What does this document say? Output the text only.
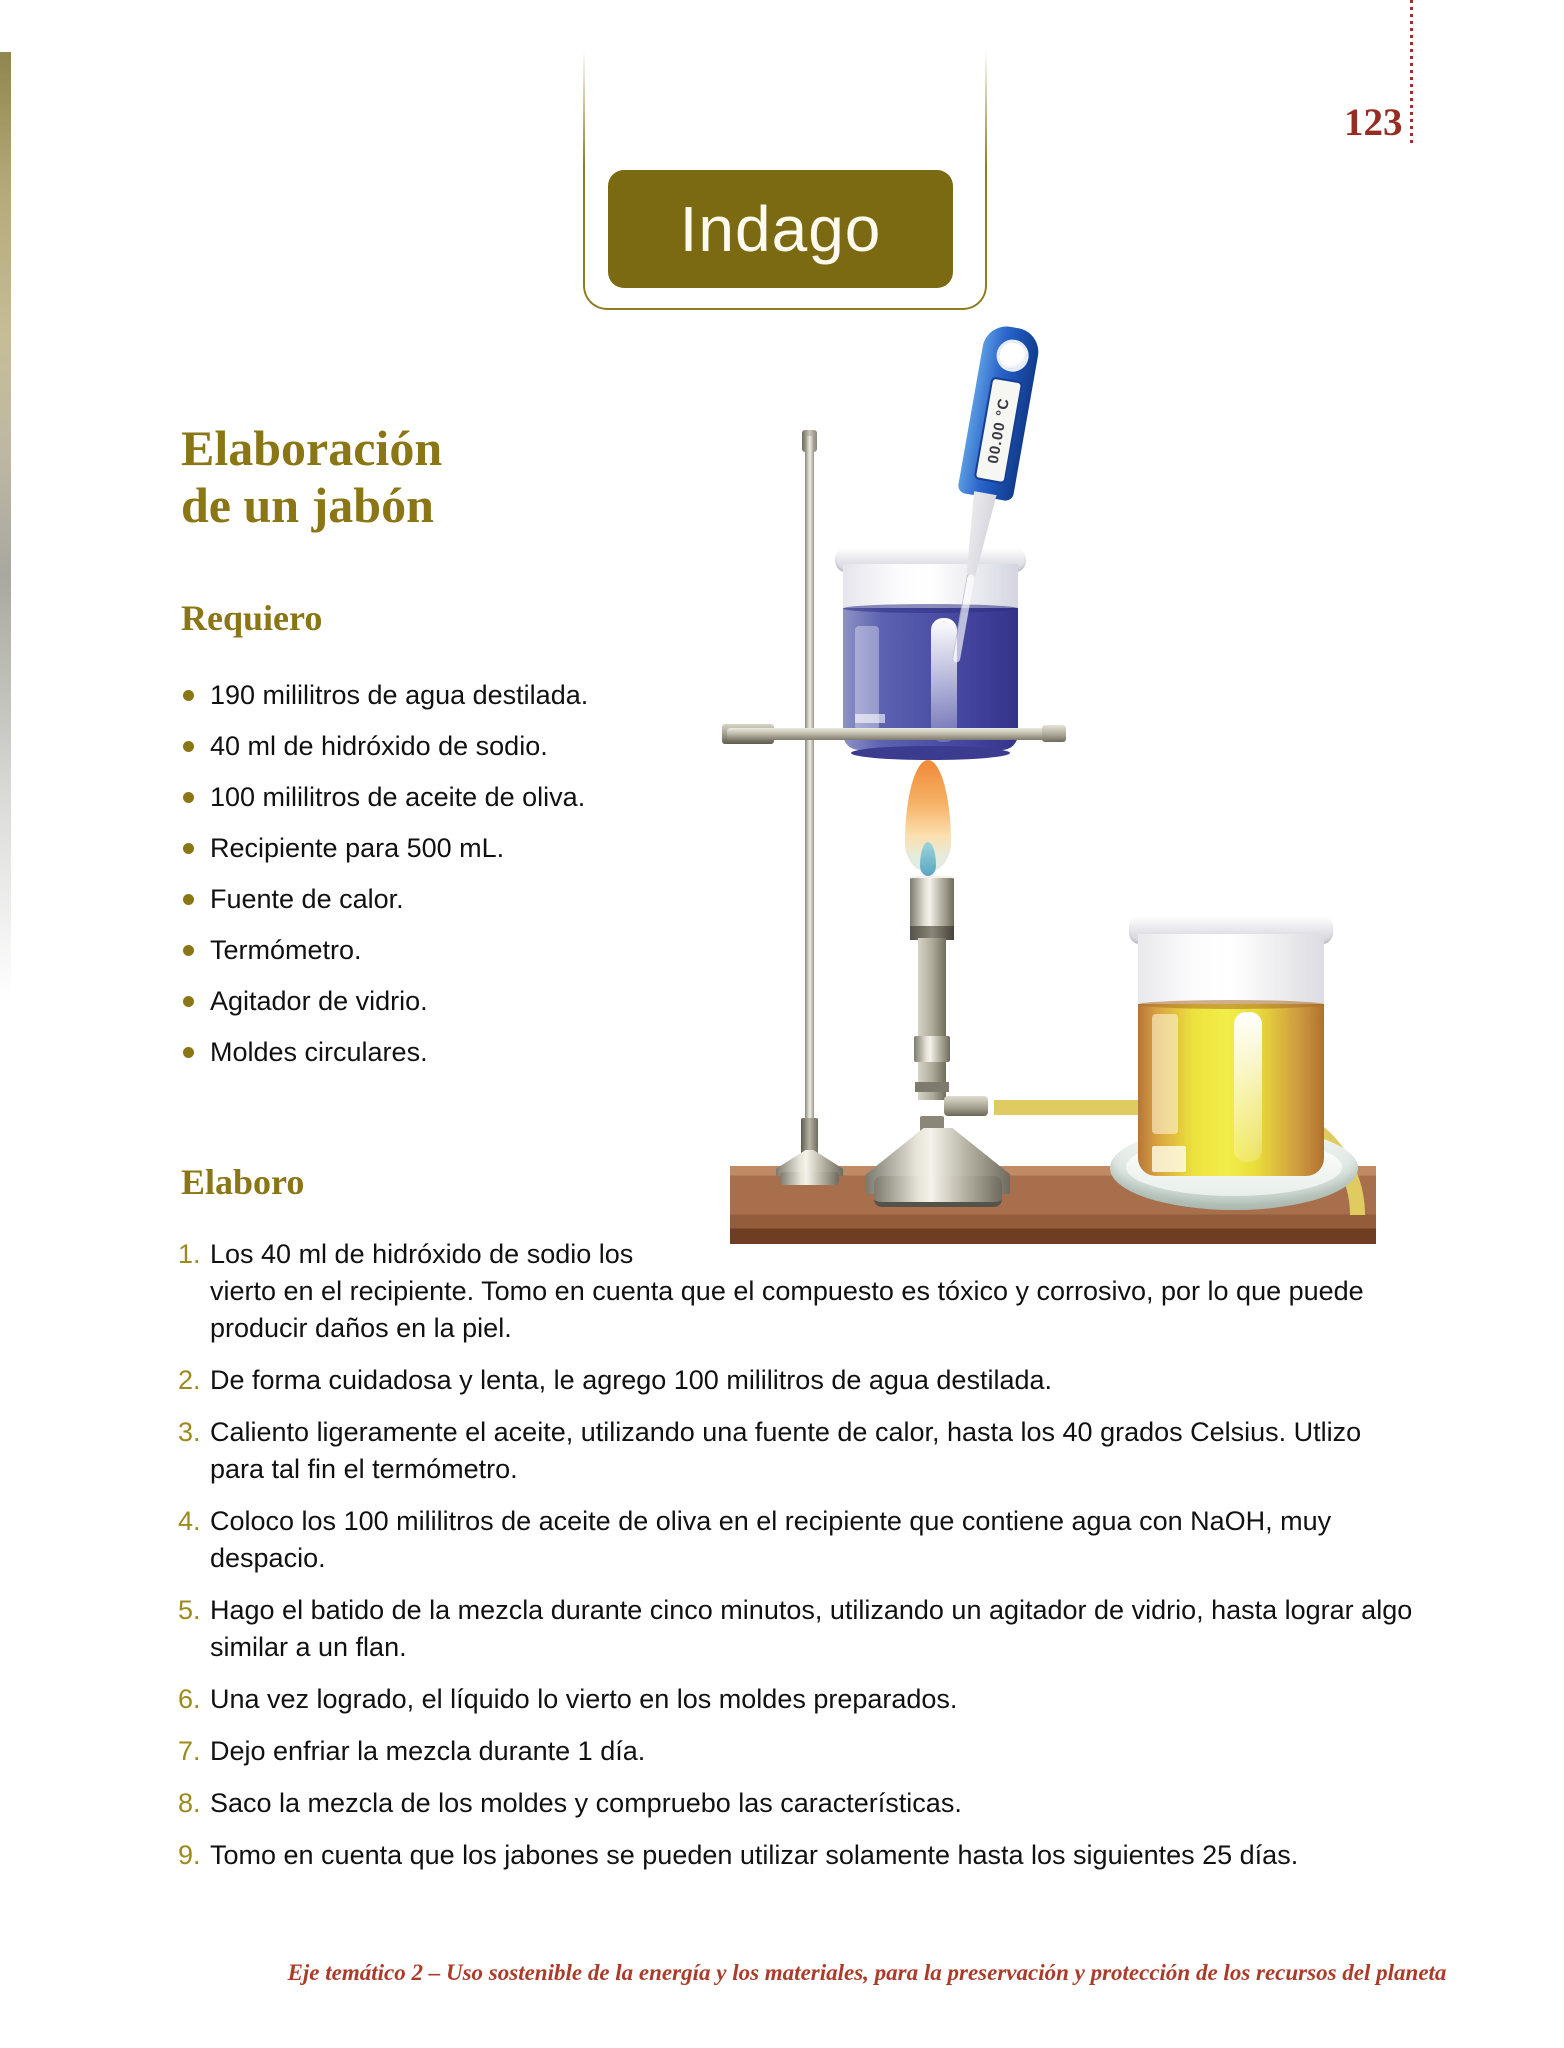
123
Indago
Elaboración
de un jabón
Requiero
190 mililitros de agua destilada.
40 ml de hidróxido de sodio.
100 mililitros de aceite de oliva.
Recipiente para 500 mL.
Fuente de calor.
Termómetro.
Agitador de vidrio.
Moldes circulares.
00.00 °C
Elaboro
1. Los 40 ml de hidróxido de sodio los
vierto en el recipiente. Tomo en cuenta que el compuesto es tóxico y corrosivo, por lo que puede producir daños en la piel.
2. De forma cuidadosa y lenta, le agrego 100 mililitros de agua destilada.
3. Caliento ligeramente el aceite, utilizando una fuente de calor, hasta los 40 grados Celsius. Utlizo para tal fin el termómetro.
4. Coloco los 100 mililitros de aceite de oliva en el recipiente que contiene agua con NaOH, muy despacio.
5. Hago el batido de la mezcla durante cinco minutos, utilizando un agitador de vidrio, hasta lograr algo similar a un flan.
6. Una vez logrado, el líquido lo vierto en los moldes preparados.
7. Dejo enfriar la mezcla durante 1 día.
8. Saco la mezcla de los moldes y compruebo las características.
9. Tomo en cuenta que los jabones se pueden utilizar solamente hasta los siguientes 25 días.
Eje temático 2 – Uso sostenible de la energía y los materiales, para la preservación y protección de los recursos del planeta
